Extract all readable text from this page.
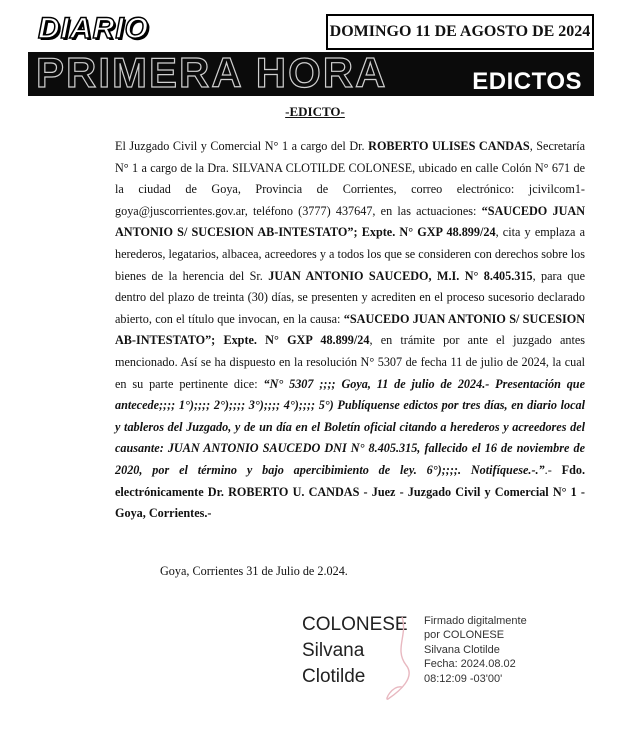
DIARIO	DOMINGO 11 DE AGOSTO DE 2024
PRIMERA HORA	EDICTOS
-EDICTO-
El Juzgado Civil y Comercial N° 1 a cargo del Dr. ROBERTO ULISES CANDAS, Secretaría N° 1 a cargo de la Dra. SILVANA CLOTILDE COLONESE, ubicado en calle Colón N° 671 de la ciudad de Goya, Provincia de Corrientes, correo electrónico: jcivilcom1-goya@juscorrientes.gov.ar, teléfono (3777) 437647, en las actuaciones: “SAUCEDO JUAN ANTONIO S/ SUCESION AB-INTESTATO”; Expte. N° GXP 48.899/24, cita y emplaza a herederos, legatarios, albacea, acreedores y a todos los que se consideren con derechos sobre los bienes de la herencia del Sr. JUAN ANTONIO SAUCEDO, M.I. N° 8.405.315, para que dentro del plazo de treinta (30) días, se presenten y acrediten en el proceso sucesorio declarado abierto, con el título que invocan, en la causa: “SAUCEDO JUAN ANTONIO S/ SUCESION AB-INTESTATO”; Expte. N° GXP 48.899/24, en trámite por ante el juzgado antes mencionado. Así se ha dispuesto en la resolución N° 5307 de fecha 11 de julio de 2024, la cual en su parte pertinente dice: “N° 5307 ;;;; Goya, 11 de julio de 2024.- Presentación que antecede;;;; 1°);;;; 2°);;;; 3°);;;; 4°);;;; 5°) Publíquense edictos por tres días, en diario local y tableros del Juzgado, y de un día en el Boletín oficial citando a herederos y acreedores del causante: JUAN ANTONIO SAUCEDO DNI N° 8.405.315, fallecido el 16 de noviembre de 2020, por el término y bajo apercibimiento de ley. 6°);;;;. Notifíquese.-.”.- Fdo. electrónicamente Dr. ROBERTO U. CANDAS - Juez - Juzgado Civil y Comercial N° 1 - Goya, Corrientes.-
Goya, Corrientes 31 de Julio de 2.024.
COLONESE
Silvana
Clotilde
Firmado digitalmente
por COLONESE
Silvana Clotilde
Fecha: 2024.08.02
08:12:09 -03'00'
